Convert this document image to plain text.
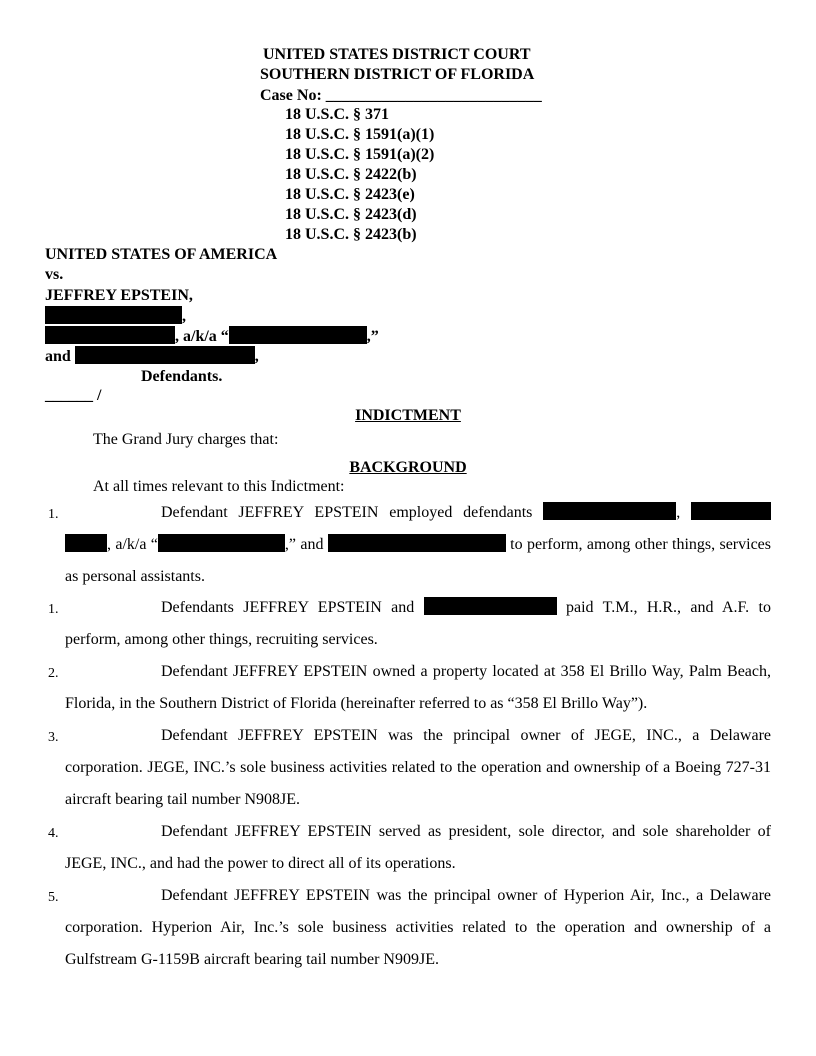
UNITED STATES DISTRICT COURT
SOUTHERN DISTRICT OF FLORIDA
Case No: ___________________________
18 U.S.C. § 371
18 U.S.C. § 1591(a)(1)
18 U.S.C. § 1591(a)(2)
18 U.S.C. § 2422(b)
18 U.S.C. § 2423(e)
18 U.S.C. § 2423(d)
18 U.S.C. § 2423(b)
UNITED STATES OF AMERICA
vs.
JEFFREY EPSTEIN,
,
, a/k/a “	,”
and	,
Defendants.
______ /
INDICTMENT
The Grand Jury charges that:
BACKGROUND
At all times relevant to this Indictment:
1.	Defendant JEFFREY EPSTEIN employed defendants	,
, a/k/a “	,” and	to perform, among other things, services as personal assistants.
1.	Defendants JEFFREY EPSTEIN and	paid T.M., H.R., and A.F. to perform, among other things, recruiting services.
2.	Defendant JEFFREY EPSTEIN owned a property located at 358 El Brillo Way, Palm Beach, Florida, in the Southern District of Florida (hereinafter referred to as “358 El Brillo Way”).
3.	Defendant JEFFREY EPSTEIN was the principal owner of JEGE, INC., a Delaware corporation. JEGE, INC.’s sole business activities related to the operation and ownership of a Boeing 727-31 aircraft bearing tail number N908JE.
4.	Defendant JEFFREY EPSTEIN served as president, sole director, and sole shareholder of JEGE, INC., and had the power to direct all of its operations.
5.	Defendant JEFFREY EPSTEIN was the principal owner of Hyperion Air, Inc., a Delaware corporation. Hyperion Air, Inc.’s sole business activities related to the operation and ownership of a Gulfstream G-1159B aircraft bearing tail number N909JE.
